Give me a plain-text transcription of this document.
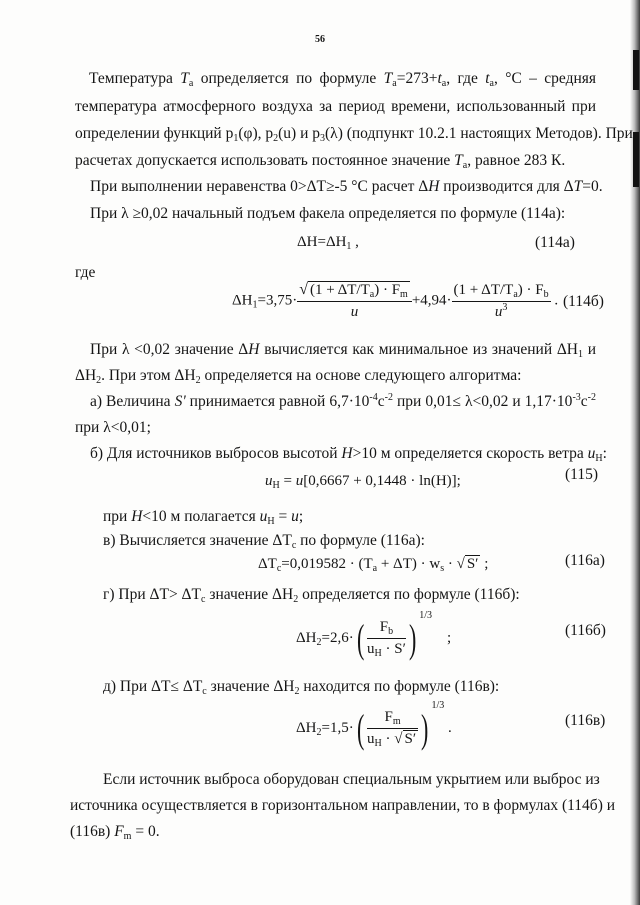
56
Температура $T_а$ определяется по формуле $T_а=273+t_а$, где $t_а$, °С – средняя
температура атмосферного воздуха за период времени, использованный при
определении функций $p_1(\varphi)$, $p_2(u)$ и $p_3(\lambda)$ (подпункт 10.2.1 настоящих Методов). При
расчетах допускается использовать постоянное значение $T_а$, равное 283 К.
При выполнении неравенства 0>ΔT≥-5 °С расчет ΔH производится для ΔT=0.
При λ ≥0,02 начальный подъем факела определяется по формуле (114а):
$\Delta H=\Delta H_1$ ,	(114а)
где
$\Delta H_1=3,75\cdot \frac{√ (1 + \Delta T/T_a) \cdot F_m}{u} +4,94\cdot \frac{(1 + \Delta T/T_a) \cdot F_b}{u^3}$ . (114б)
При λ <0,02 значение ΔH вычисляется как минимальное из значений $\Delta H_1$ и
$\Delta H_2$. При этом $\Delta H_2$ определяется на основе следующего алгоритма:
а) Величина S' принимается равной $6,7\cdot 10^{-4}с^{-2}$ при 0,01≤ λ<0,02 и $1,17\cdot 10^{-3}с^{-2}$
при λ<0,01;
б) Для источников выбросов высотой H>10 м определяется скорость ветра $u_Н$:
$u_H = u[0,6667 + 0,1448 \cdot \ln(H)]$;	(115)
при H<10 м полагается $u_Н = u$;
в) Вычисляется значение $\Delta Т_с$ по формуле (116а):
$\Delta T_c=0,019582 \cdot (T_a + \Delta T) \cdot w_s$ · √ S′ ;	(116а)
г) При $\Delta T> \Delta T_с$ значение $\Delta H_2$ определяется по формуле (116б):
$\Delta H_2=2,6\cdot( \frac{F_b}{u_H \cdot S'} )^{1/3}$    ;	(116б)
д) При $\Delta T\le \Delta T_с$ значение $\Delta H_2$ находится по формуле (116в):
$\Delta H_2=1,5\cdot( \frac{F_m}{u_H \cdot √ S'} )^{1/3}$ .	(116в)
Если источник выброса оборудован специальным укрытием или выброс из
источника осуществляется в горизонтальном направлении, то в формулах (114б) и
(116в) $F_m = 0$.
